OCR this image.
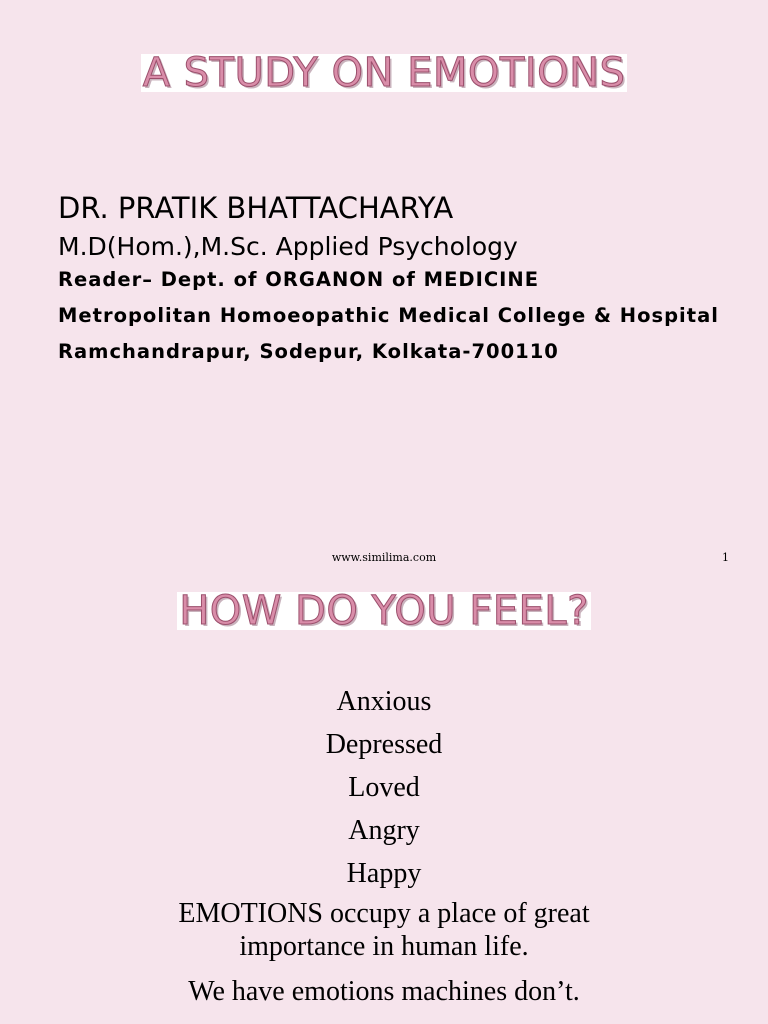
A STUDY ON EMOTIONS

DR. PRATIK BHATTACHARYA

M.D(Hom.),M.Sc. Applied Psychology

Reader– Dept. of ORGANON of MEDICINE

Metropolitan Homoeopathic Medical College & Hospital

Ramchandrapur, Sodepur, Kolkata-700110

www.similima.com	1
HOW DO YOU FEEL?

Anxious

Depressed

Loved

Angry

Happy

EMOTIONS occupy a place of great importance in human life.

We have emotions machines don’t.
